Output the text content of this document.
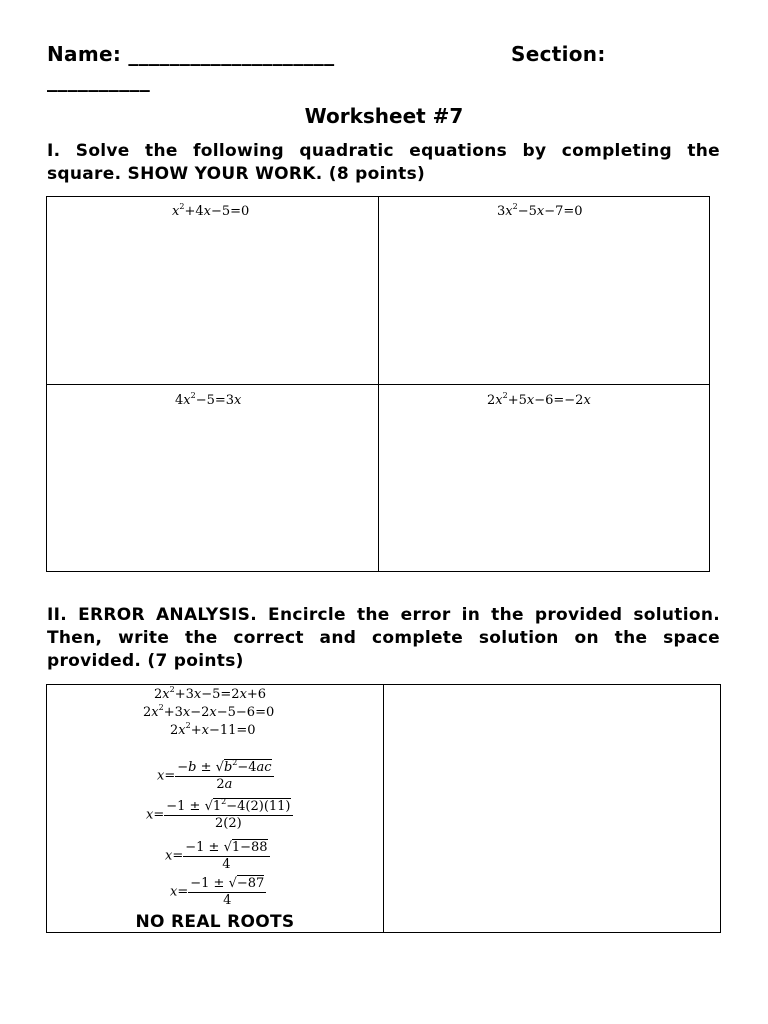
Name: ____________________	Section:
__________
Worksheet #7
I. Solve the following quadratic equations by completing the square. SHOW YOUR WORK. (8 points)
$x^2+4x-5=0$	$3x^2-5x-7=0$
$4x^2-5=3x$	$2x^2+5x-6=-2x$
II. ERROR ANALYSIS. Encircle the error in the provided solution. Then, write the correct and complete solution on the space provided. (7 points)
$2x^2+3x-5=2x+6$
$2x^2+3x-2x-5-6=0$
$2x^2+x-11=0$
$x= \frac{-b \pm √b^2-4ac}{2a}$
$x= \frac{-1 \pm √1^2-4(2)(11)}{2(2)}$
$x= \frac{-1 \pm √1-88}{4}$
$x= \frac{-1 \pm √-87}{4}$
NO REAL ROOTS
